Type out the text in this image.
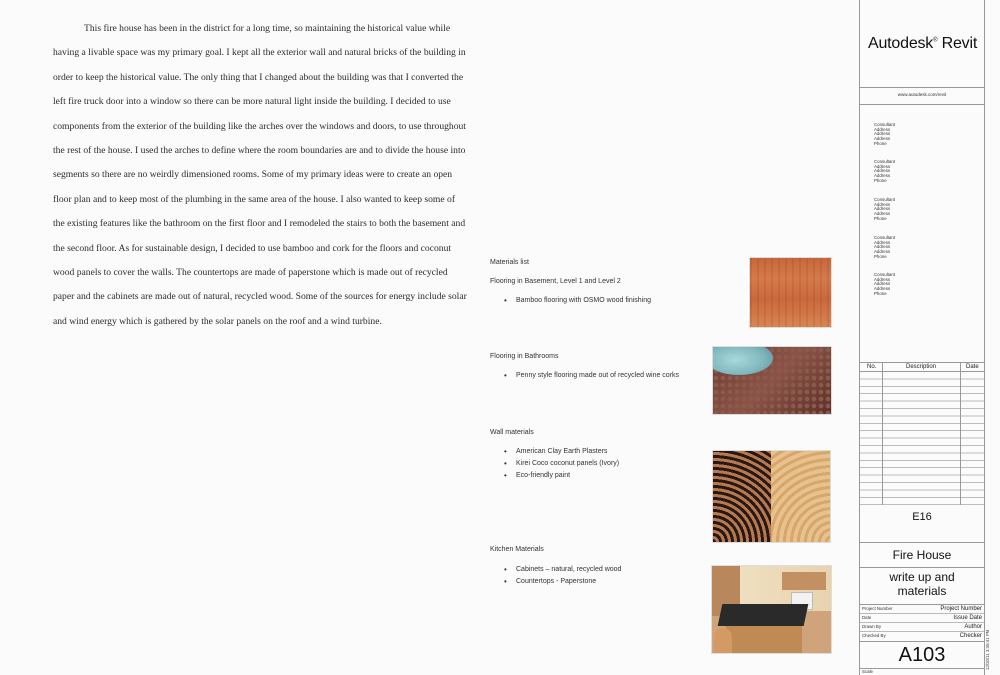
This fire house has been in the district for a long time, so maintaining the historical value while having a livable space was my primary goal. I kept all the exterior wall and natural bricks of the building in order to keep the historical value. The only thing that I changed about the building was that I converted the left fire truck door into a window so there can be more natural light inside the building. I decided to use components from the exterior of the building like the arches over the windows and doors, to use throughout the rest of the house. I used the arches to define where the room boundaries are and to divide the house into segments so there are no weirdly dimensioned rooms. Some of my primary ideas were to create an open floor plan and to keep most of the plumbing in the same area of the house. I also wanted to keep some of the existing features like the bathroom on the first floor and I remodeled the stairs to both the basement and the second floor. As for sustainable design, I decided to use bamboo and cork for the floors and coconut wood panels to cover the walls. The countertops are made of paperstone which is made out of recycled paper and the cabinets are made out of natural, recycled wood. Some of the sources for energy include solar and wind energy which is gathered by the solar panels on the roof and a wind turbine.

Materials list
Flooring in Basement, Level 1 and Level 2
• Bamboo flooring with OSMO wood finishing
Flooring in Bathrooms
• Penny style flooring made out of recycled wine corks
Wall materials
• American Clay Earth Plasters
• Kirei Coco coconut panels (Ivory)
• Eco-friendly paint
Kitchen Materials
• Cabinets – natural, recycled wood
• Countertops - Paperstone
Autodesk® Revit
www.autodesk.com/revit
Consultant
Address
Address
Address
Phone
Consultant
Address
Address
Address
Phone
Consultant
Address
Address
Address
Phone
Consultant
Address
Address
Address
Phone
Consultant
Address
Address
Address
Phone
No.	Description	Date
E16
Fire House
write up and materials
Project Number	Project Number
Date	Issue Date
Drawn By	Author
Checked By	Checker
A103
Scale
12/20/11 3:35:41 PM
